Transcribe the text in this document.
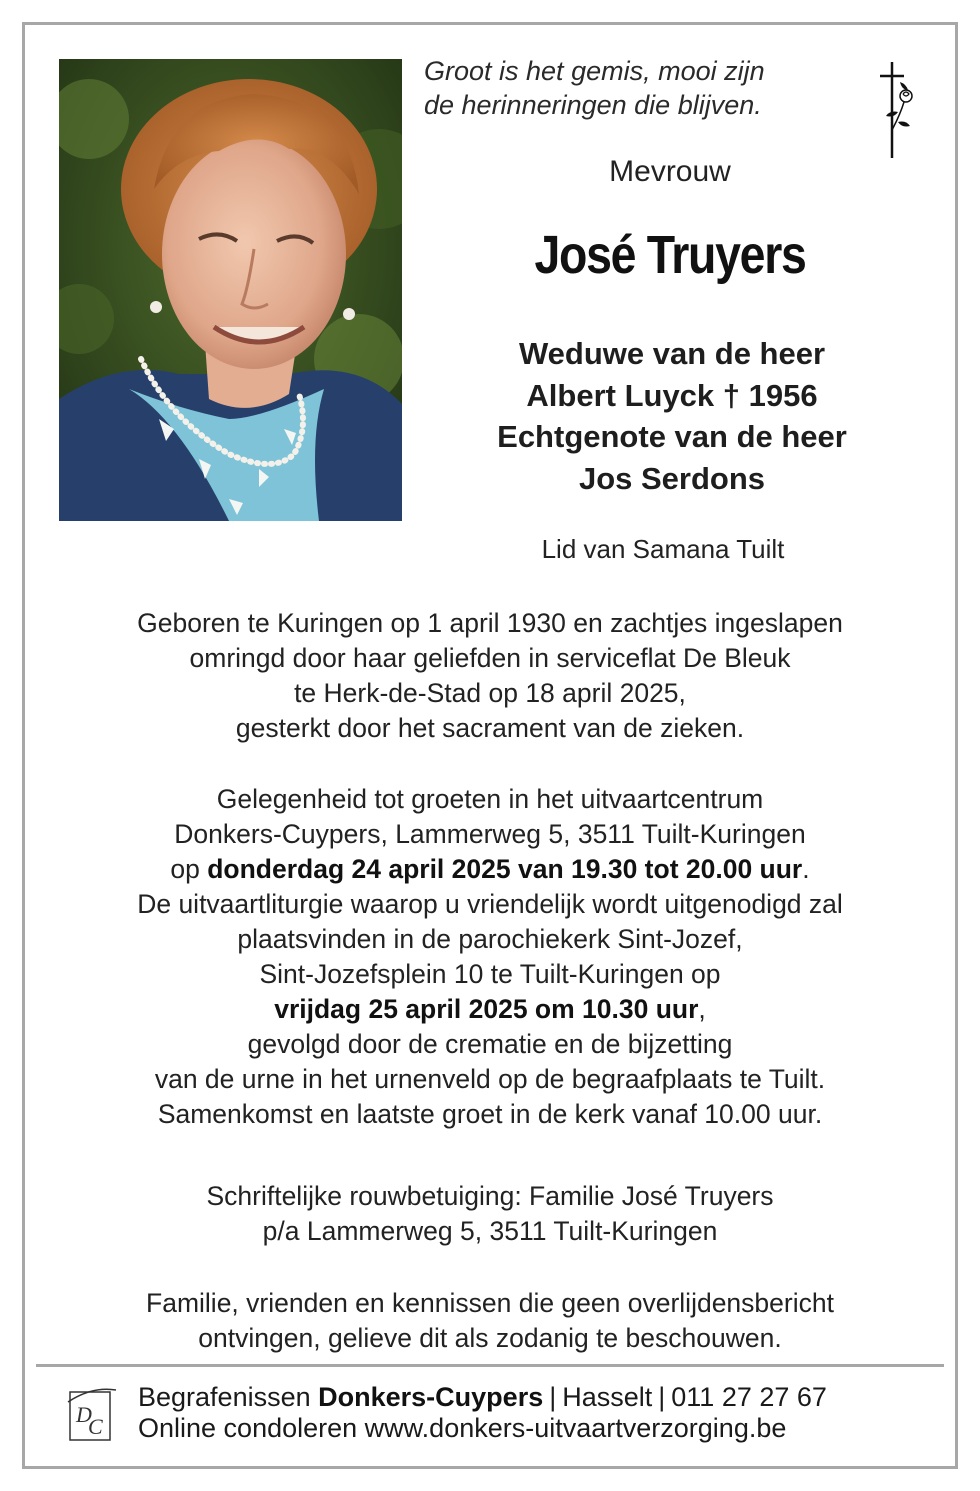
Groot is het gemis, mooi zijn
de herinneringen die blijven.
Mevrouw
José Truyers
Weduwe van de heer
Albert Luyck † 1956
Echtgenote van de heer
Jos Serdons
Lid van Samana Tuilt
Geboren te Kuringen op 1 april 1930 en zachtjes ingeslapen
omringd door haar geliefden in serviceflat De Bleuk
te Herk-de-Stad op 18 april 2025,
gesterkt door het sacrament van de zieken.
Gelegenheid tot groeten in het uitvaartcentrum
Donkers-Cuypers, Lammerweg 5, 3511 Tuilt-Kuringen
op donderdag 24 april 2025 van 19.30 tot 20.00 uur.
De uitvaartliturgie waarop u vriendelijk wordt uitgenodigd zal
plaatsvinden in de parochiekerk Sint-Jozef,
Sint-Jozefsplein 10 te Tuilt-Kuringen op
vrijdag 25 april 2025 om 10.30 uur,
gevolgd door de crematie en de bijzetting
van de urne in het urnenveld op de begraafplaats te Tuilt.
Samenkomst en laatste groet in de kerk vanaf 10.00 uur.
Schriftelijke rouwbetuiging: Familie José Truyers
p/a Lammerweg 5, 3511 Tuilt-Kuringen
Familie, vrienden en kennissen die geen overlijdensbericht
ontvingen, gelieve dit als zodanig te beschouwen.
D
C
Begrafenissen Donkers-Cuypers | Hasselt | 011 27 27 67
Online condoleren www.donkers-uitvaartverzorging.be
